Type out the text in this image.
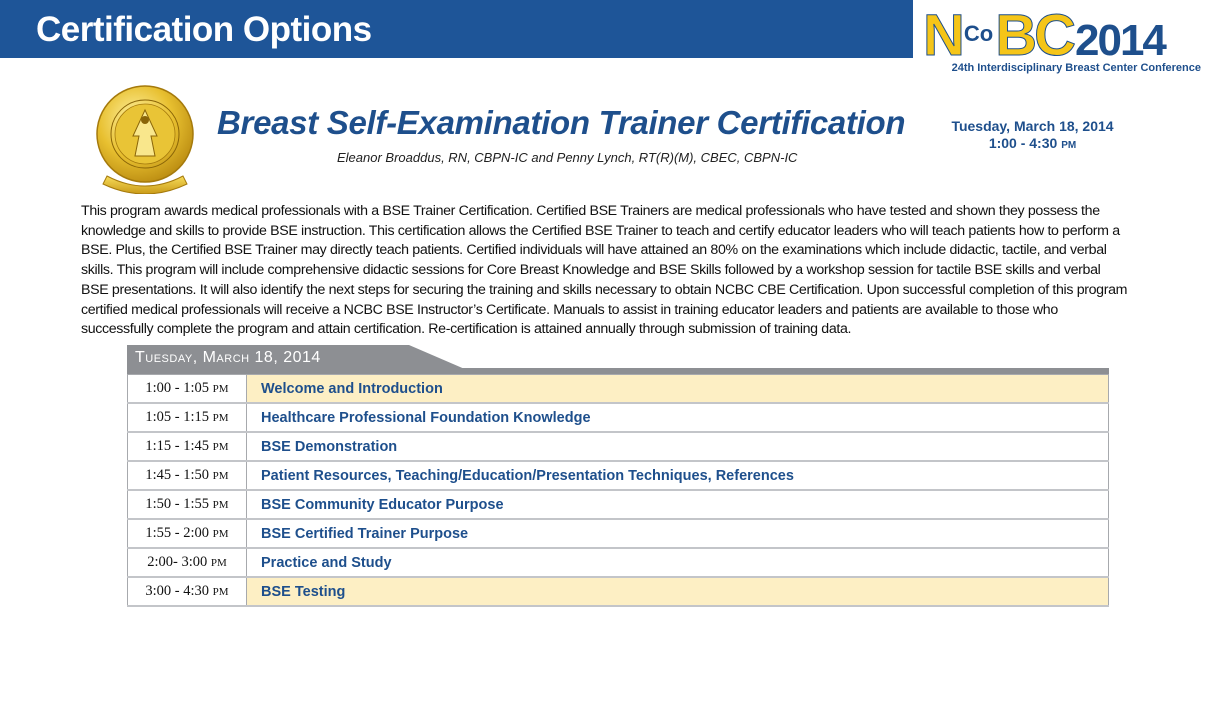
Certification Options	NCoBC2014
24th Interdisciplinary Breast Center Conference
Breast Self-Examination Trainer Certification
Eleanor Broaddus, RN, CBPN-IC and Penny Lynch, RT(R)(M), CBEC, CBPN-IC
Tuesday, March 18, 2014
1:00 - 4:30 PM
This program awards medical professionals with a BSE Trainer Certification. Certified BSE Trainers are medical professionals who have tested and shown they possess the knowledge and skills to provide BSE instruction. This certification allows the Certified BSE Trainer to teach and certify educator leaders who will teach patients how to perform a BSE. Plus, the Certified BSE Trainer may directly teach patients. Certified individuals will have attained an 80% on the examinations which include didactic, tactile, and verbal skills. This program will include comprehensive didactic sessions for Core Breast Knowledge and BSE Skills followed by a workshop session for tactile BSE skills and verbal BSE presentations. It will also identify the next steps for securing the training and skills necessary to obtain NCBC CBE Certification. Upon successful completion of this program certified medical professionals will receive a NCBC BSE Instructor’s Certificate. Manuals to assist in training educator leaders and patients are available to those who successfully complete the program and attain certification. Re-certification is attained annually through submission of training data.
Tuesday, March 18, 2014
1:00 - 1:05 PM	Welcome and Introduction
1:05 - 1:15 PM	Healthcare Professional Foundation Knowledge
1:15 - 1:45 PM	BSE Demonstration
1:45 - 1:50 PM	Patient Resources, Teaching/Education/Presentation Techniques, References
1:50 - 1:55 PM	BSE Community Educator Purpose
1:55 - 2:00 PM	BSE Certified Trainer Purpose
2:00- 3:00 PM	Practice and Study
3:00 - 4:30 PM	BSE Testing
